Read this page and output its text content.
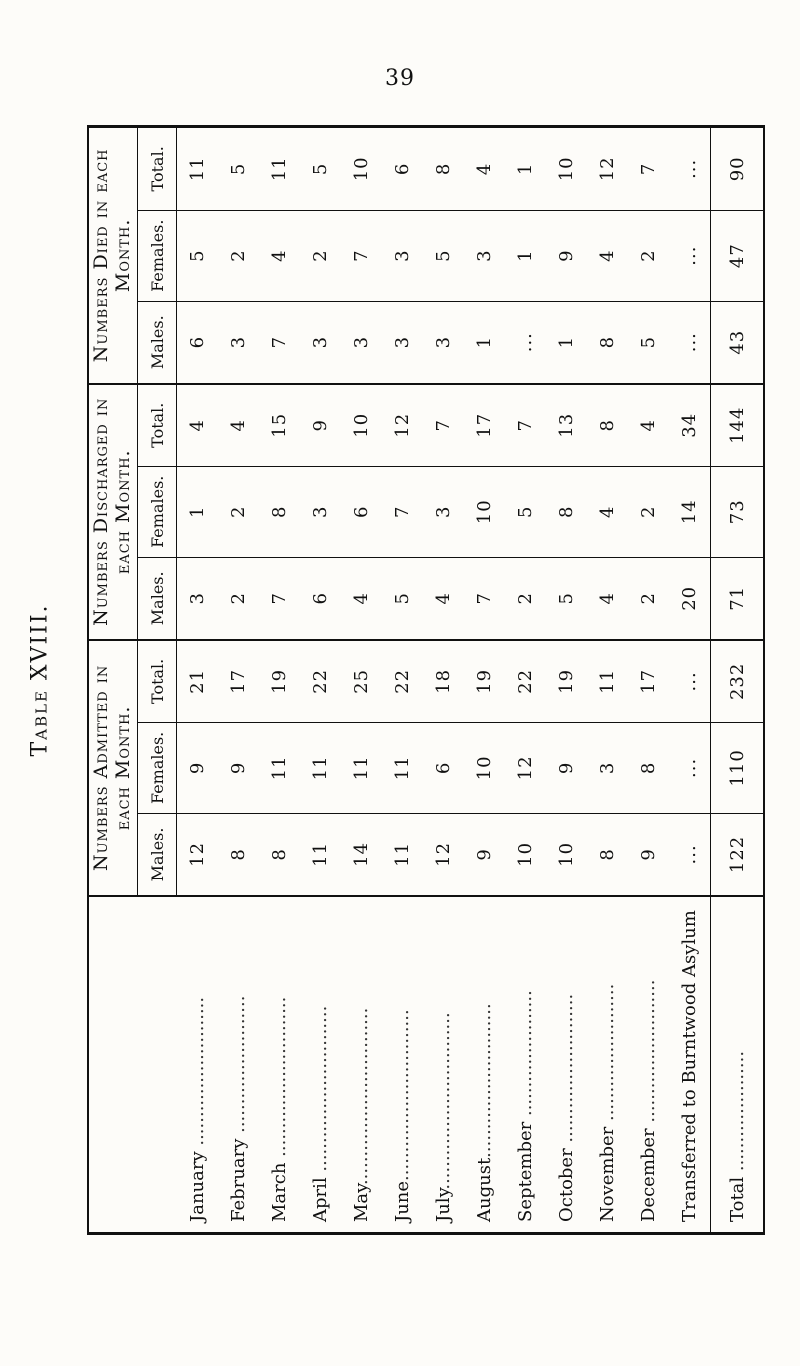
39
Table XVIII.
	Numbers Admitted in each Month.			Numbers Discharged in each Month.			Numbers Died in each Month.		
	Males.	Females.	Total.	Males.	Females.	Total.	Males.	Females.	Total.
January ..........................	12	9	21	3	1	4	6	5	11
February ........................	8	9	17	2	2	4	3	2	5
March ............................	8	11	19	7	8	15	7	4	11
April .............................	11	11	22	6	3	9	3	2	5
May...............................	14	11	25	4	6	10	3	7	10
June..............................	11	11	22	5	7	12	3	3	6
July...............................	12	6	18	4	3	7	3	5	8
August...........................	9	10	19	7	10	17	1	3	4
September ......................	10	12	22	2	5	7	...	1	1
October ..........................	10	9	19	5	8	13	1	9	10
November ........................	8	3	11	4	4	8	8	4	12
December .........................	9	8	17	2	2	4	5	2	7
Transferred to Burntwood Asylum	...	...	...	20	14	34	...	...	...
Total .....................	122	110	232	71	73	144	43	47	90
